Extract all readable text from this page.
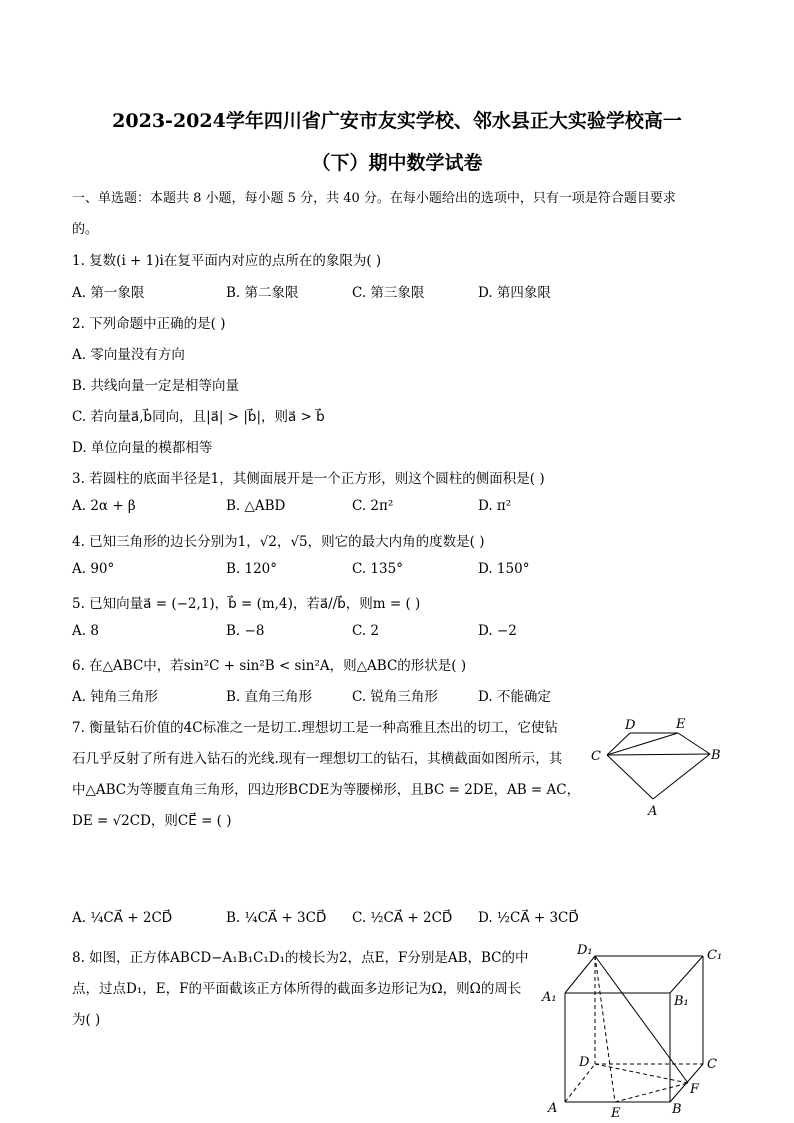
2023-2024学年四川省广安市友实学校、邻水县正大实验学校高一
（下）期中数学试卷
一、单选题：本题共 8 小题，每小题 5 分，共 40 分。在每小题给出的选项中，只有一项是符合题目要求
的。
1. 复数(i + 1)i在复平面内对应的点所在的象限为( )
A. 第一象限	B. 第二象限	C. 第三象限	D. 第四象限
2. 下列命题中正确的是( )
A. 零向量没有方向
B. 共线向量一定是相等向量
C. 若向量a⃗,b⃗同向，且|a⃗| > |b⃗|，则a⃗ > b⃗
D. 单位向量的模都相等
3. 若圆柱的底面半径是1，其侧面展开是一个正方形，则这个圆柱的侧面积是( )
A. 2α + β	B. △ABD	C. 2π²	D. π²
4. 已知三角形的边长分别为1，√2，√5，则它的最大内角的度数是( )
A. 90°	B. 120°	C. 135°	D. 150°
5. 已知向量a⃗ = (−2,1)，b⃗ = (m,4)，若a⃗//b⃗，则m = ( )
A. 8	B. −8	C. 2	D. −2
6. 在△ABC中，若sin²C + sin²B < sin²A，则△ABC的形状是( )
A. 钝角三角形	B. 直角三角形	C. 锐角三角形	D. 不能确定
7. 衡量钻石价值的4C标准之一是切工.理想切工是一种高雅且杰出的切工，它使钻
石几乎反射了所有进入钻石的光线.现有一理想切工的钻石，其横截面如图所示，其
中△ABC为等腰直角三角形，四边形BCDE为等腰梯形，且BC = 2DE，AB = AC，
DE = √2CD，则CE⃗ = ( )
D	E
C	B
A
A. ¼CA⃗ + 2CD⃗	B. ¼CA⃗ + 3CD⃗ C. ½CA⃗ + 2CD⃗ D. ½CA⃗ + 3CD⃗
8. 如图，正方体ABCD−A₁B₁C₁D₁的棱长为2，点E，F分别是AB，BC的中
点，过点D₁，E，F的平面截该正方体所得的截面多边形记为Ω，则Ω的周长
为( )
D₁	C₁
A₁	B₁
D	C
F
A	E	B
